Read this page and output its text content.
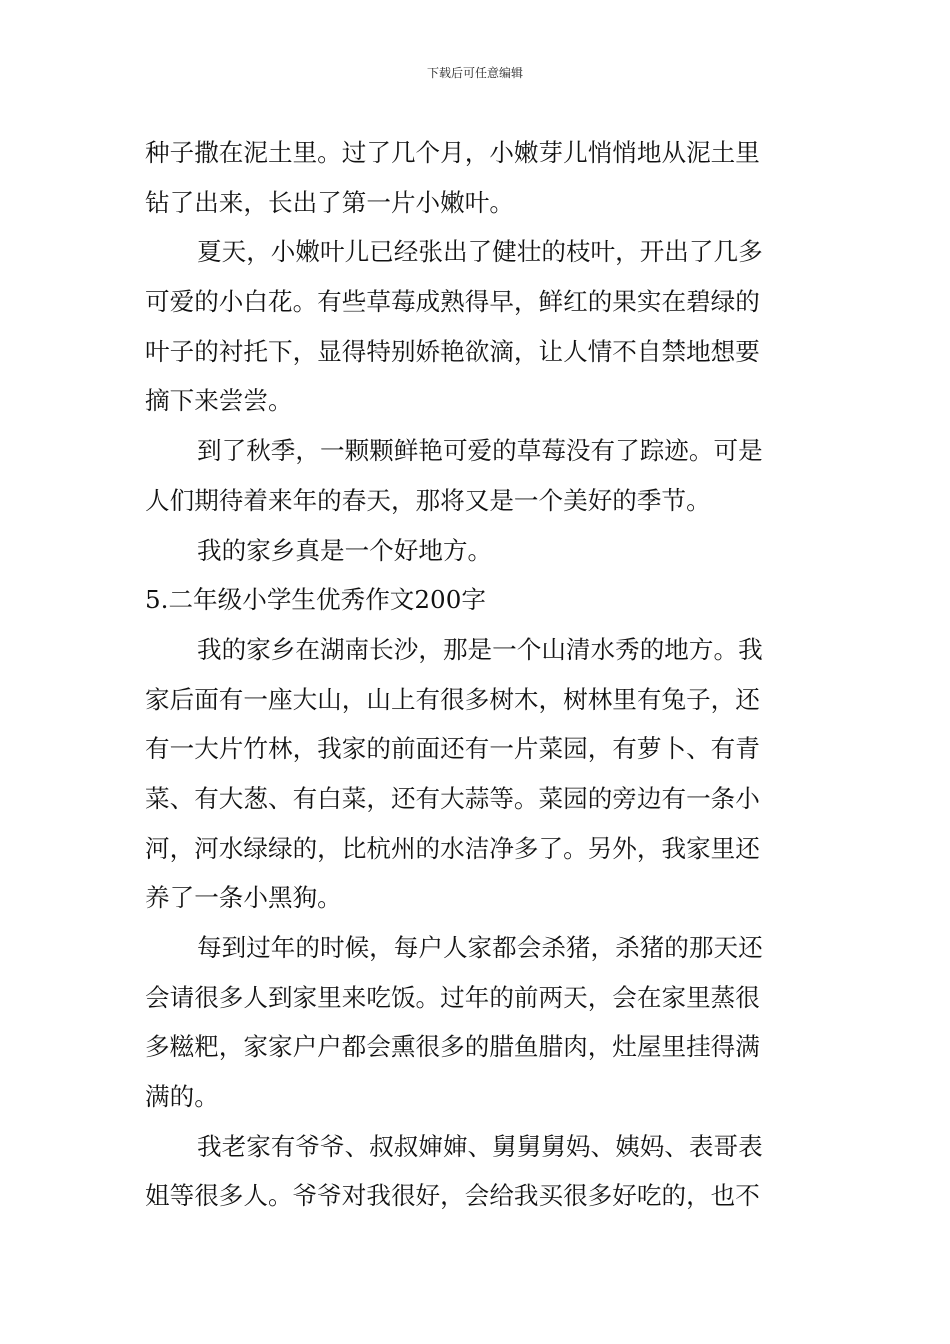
下载后可任意编辑
种子撒在泥土里。过了几个月，小嫩芽儿悄悄地从泥土里
钻了出来，长出了第一片小嫩叶。
夏天，小嫩叶儿已经张出了健壮的枝叶，开出了几多
可爱的小白花。有些草莓成熟得早，鲜红的果实在碧绿的
叶子的衬托下，显得特别娇艳欲滴，让人情不自禁地想要
摘下来尝尝。
到了秋季，一颗颗鲜艳可爱的草莓没有了踪迹。可是
人们期待着来年的春天，那将又是一个美好的季节。
我的家乡真是一个好地方。
5.二年级小学生优秀作文200字
我的家乡在湖南长沙，那是一个山清水秀的地方。我
家后面有一座大山，山上有很多树木，树林里有兔子，还
有一大片竹林，我家的前面还有一片菜园，有萝卜、有青
菜、有大葱、有白菜，还有大蒜等。菜园的旁边有一条小
河，河水绿绿的，比杭州的水洁净多了。另外，我家里还
养了一条小黑狗。
每到过年的时候，每户人家都会杀猪，杀猪的那天还
会请很多人到家里来吃饭。过年的前两天，会在家里蒸很
多糍粑，家家户户都会熏很多的腊鱼腊肉，灶屋里挂得满
满的。
我老家有爷爷、叔叔婶婶、舅舅舅妈、姨妈、表哥表
姐等很多人。爷爷对我很好，会给我买很多好吃的，也不
